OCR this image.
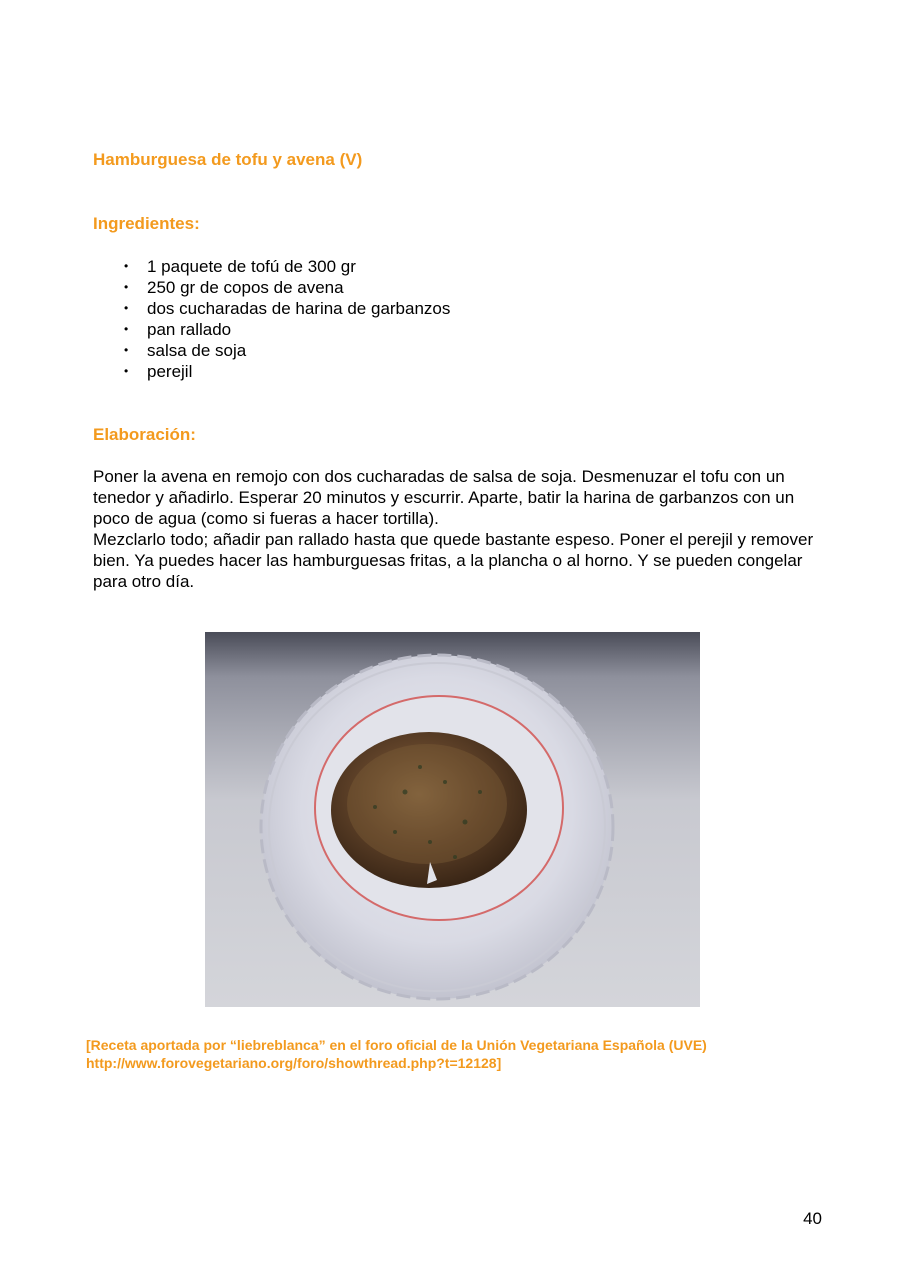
Hamburguesa de tofu y avena (V)
Ingredientes:
• 1 paquete de tofú de 300 gr
• 250 gr de copos de avena
• dos cucharadas de harina de garbanzos
• pan rallado
• salsa de soja
• perejil
Elaboración:

Poner la avena en remojo con dos cucharadas de salsa de soja. Desmenuzar el tofu con un tenedor y añadirlo. Esperar 20 minutos y escurrir. Aparte, batir la harina de garbanzos con un poco de agua (como si fueras a hacer tortilla).

Mezclarlo todo; añadir pan rallado hasta que quede bastante espeso. Poner el perejil y remover bien. Ya puedes hacer las hamburguesas fritas, a la plancha o al horno. Y se pueden congelar para otro día.

[Receta aportada por “liebreblanca” en el foro oficial de la Unión Vegetariana Española (UVE)
http://www.forovegetariano.org/foro/showthread.php?t=12128]

40
